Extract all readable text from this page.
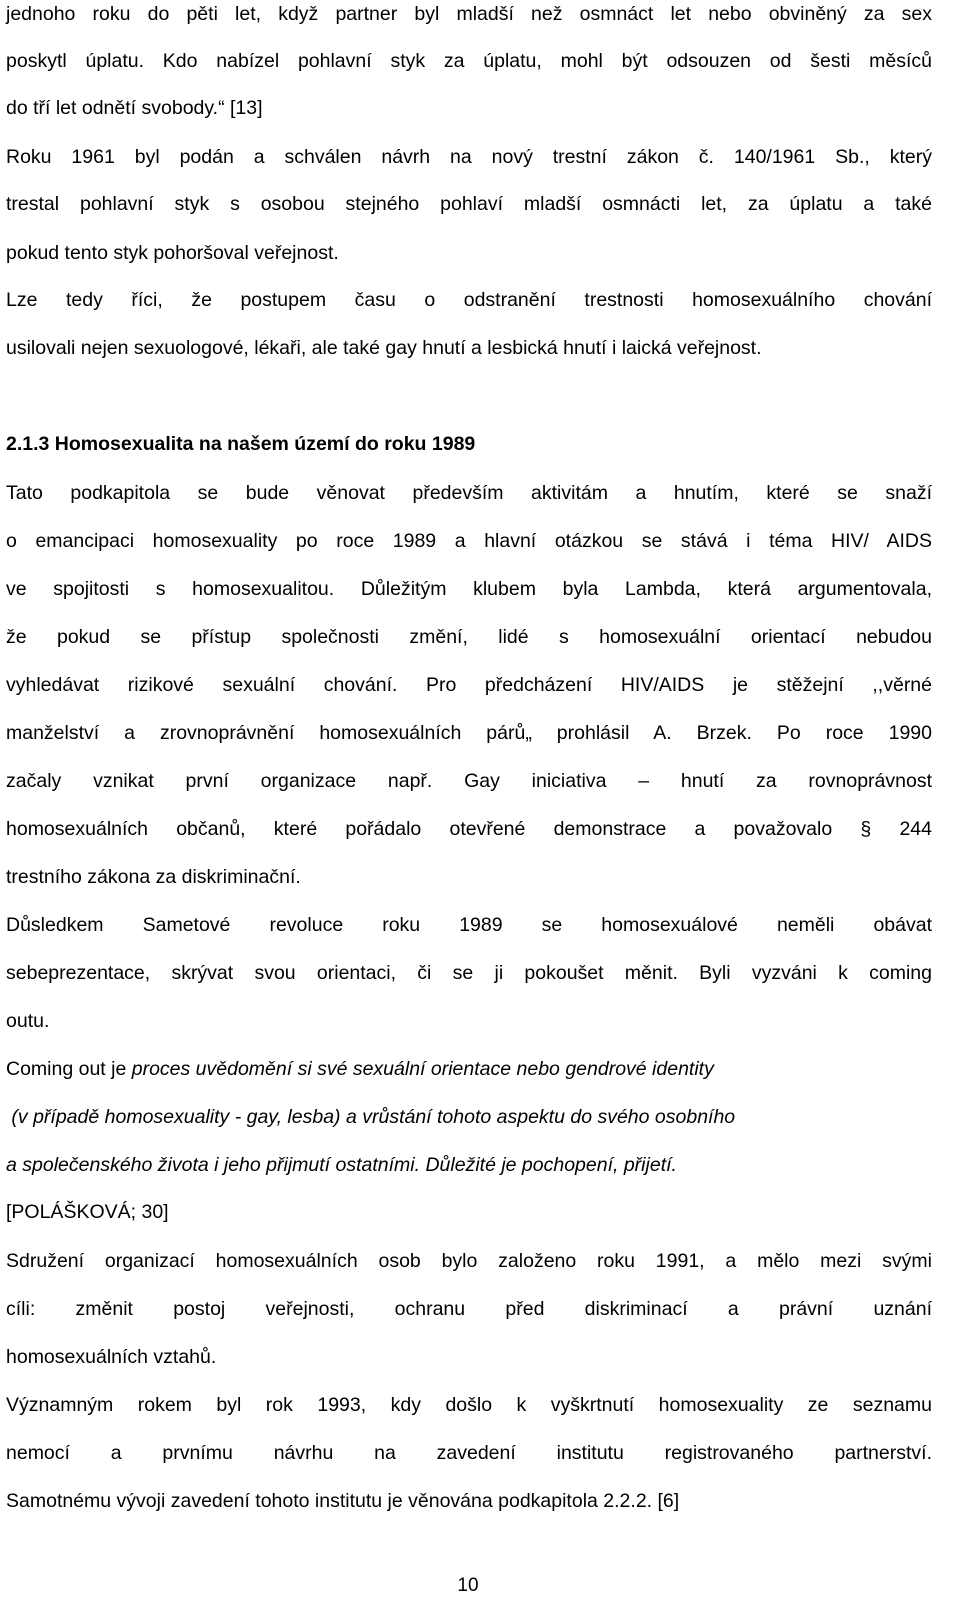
jednoho roku do pěti let, když partner byl mladší než osmnáct let nebo obviněný za sex
poskytl úplatu. Kdo nabízel pohlavní styk za úplatu, mohl být odsouzen od šesti měsíců
do tří let odnětí svobody.“ [13]
Roku 1961 byl podán a schválen návrh na nový trestní zákon č. 140/1961 Sb., který
trestal pohlavní styk s osobou stejného pohlaví mladší osmnácti let, za úplatu a také
pokud tento styk pohoršoval veřejnost.
Lze tedy říci, že postupem času o odstranění trestnosti homosexuálního chování
usilovali nejen sexuologové, lékaři, ale také gay hnutí a lesbická hnutí i laická veřejnost.
2.1.3 Homosexualita na našem území do roku 1989
Tato podkapitola se bude věnovat především aktivitám a hnutím, které se snaží
o emancipaci homosexuality po roce 1989 a hlavní otázkou se stává i téma HIV/ AIDS
ve spojitosti s homosexualitou. Důležitým klubem byla Lambda, která argumentovala,
že pokud se přístup společnosti změní, lidé s homosexuální orientací nebudou
vyhledávat rizikové sexuální chování. Pro předcházení HIV/AIDS je stěžejní ,,věrné
manželství a zrovnoprávnění homosexuálních párů„ prohlásil A. Brzek. Po roce 1990
začaly vznikat první organizace např. Gay iniciativa – hnutí za rovnoprávnost
homosexuálních občanů, které pořádalo otevřené demonstrace a považovalo § 244
trestního zákona za diskriminační.
Důsledkem Sametové revoluce roku 1989 se homosexuálové neměli obávat
sebeprezentace, skrývat svou orientaci, či se ji pokoušet měnit. Byli vyzváni k coming
outu.
Coming out je proces uvědomění si své sexuální orientace nebo gendrové identity
(v případě homosexuality - gay, lesba) a vrůstání tohoto aspektu do svého osobního
a společenského života i jeho přijmutí ostatními. Důležité je pochopení, přijetí.
[POLÁŠKOVÁ; 30]
Sdružení organizací homosexuálních osob bylo založeno roku 1991, a mělo mezi svými
cíli: změnit postoj veřejnosti, ochranu před diskriminací a právní uznání
homosexuálních vztahů.
Významným rokem byl rok 1993, kdy došlo k vyškrtnutí homosexuality ze seznamu
nemocí a prvnímu návrhu na zavedení institutu registrovaného partnerství.
Samotnému vývoji zavedení tohoto institutu je věnována podkapitola 2.2.2. [6]
10
